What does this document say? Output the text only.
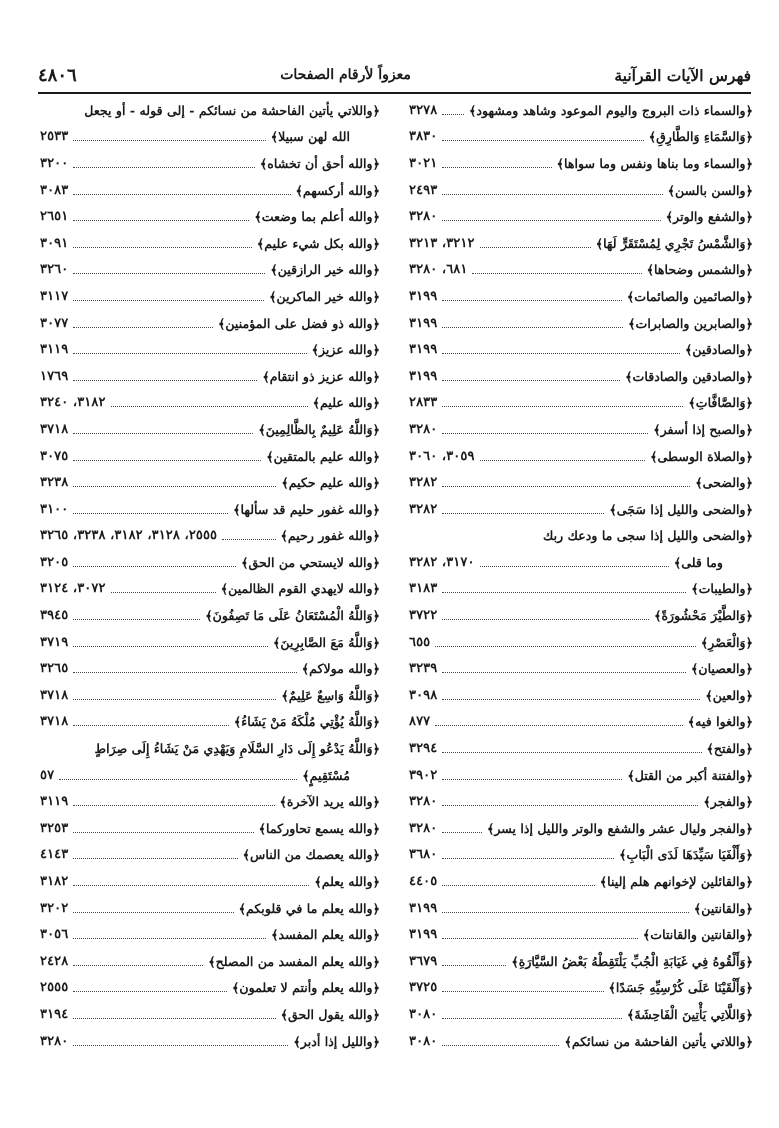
فهرس الآيات القرآنية
معزواً لأرقام الصفحات
٤٨٠٦
﴿والسماء ذات البروج واليوم الموعود وشاهد ومشهود﴾
٣٢٧٨
﴿وَالسَّمَاءِ وَالطَّارِقِ﴾
٣٨٣٠
﴿والسماء وما بناها ونفس وما سواها﴾
٣٠٢١
﴿والسن بالسن﴾
٢٤٩٣
﴿والشفع والوتر﴾
٣٢٨٠
﴿وَالشَّمْسُ تَجْرِي لِمُسْتَقَرٍّ لَهَا﴾
٣٢١٢، ٣٢١٣
﴿والشمس وضحاها﴾
٦٨١، ٣٢٨٠
﴿والصائمين والصائمات﴾
٣١٩٩
﴿والصابرين والصابرات﴾
٣١٩٩
﴿والصادقين﴾
٣١٩٩
﴿والصادقين والصادقات﴾
٣١٩٩
﴿وَالصَّافَّاتِ﴾
٢٨٣٣
﴿والصبح إذا أسفر﴾
٣٢٨٠
﴿والصلاة الوسطى﴾
٣٠٥٩، ٣٠٦٠
﴿والضحى﴾
٣٢٨٢
﴿والضحى والليل إذا سَجَى﴾
٣٢٨٢
﴿والضحى والليل إذا سجى ما ودعك ربك
وما قلى﴾
٣١٧٠، ٣٢٨٢
﴿والطيبات﴾
٣١٨٣
﴿وَالطَّيْرَ مَحْشُورَةً﴾
٣٧٢٢
﴿وَالْعَصْرِ﴾
٦٥٥
﴿والعصيان﴾
٣٢٣٩
﴿والعين﴾
٣٠٩٨
﴿والغوا فيه﴾
٨٧٧
﴿والفتح﴾
٣٢٩٤
﴿والفتنة أكبر من القتل﴾
٣٩٠٢
﴿والفجر﴾
٣٢٨٠
﴿والفجر وليال عشر والشفع والوتر والليل إذا يسر﴾
٣٢٨٠
﴿وَأَلْفَيَا سَيِّدَهَا لَدَى الْبَابِ﴾
٣٦٨٠
﴿والقائلين لإخوانهم هلم إلينا﴾
٤٤٠٥
﴿والقانتين﴾
٣١٩٩
﴿والقانتين والقانتات﴾
٣١٩٩
﴿وَأَلْقُوهُ فِي غَيَابَةِ الْجُبِّ يَلْتَقِطْهُ بَعْضُ السَّيَّارَةِ﴾
٣٦٧٩
﴿وَأَلْقَيْنَا عَلَى كُرْسِيِّهِ جَسَدًا﴾
٣٧٢٥
﴿وَاللَّاتِي يَأْتِينَ الْفَاحِشَةَ﴾
٣٠٨٠
﴿واللاتي يأتين الفاحشة من نسائكم﴾
٣٠٨٠
﴿واللاتي يأتين الفاحشة من نسائكم - إلى قوله - أو يجعل
الله لهن سبيلا﴾
٢٥٣٣
﴿والله أحق أن تخشاه﴾
٣٢٠٠
﴿والله أركسهم﴾
٣٠٨٣
﴿والله أعلم بما وضعت﴾
٢٦٥١
﴿والله بكل شيء عليم﴾
٣٠٩١
﴿والله خير الرازقين﴾
٣٢٦٠
﴿والله خير الماكرين﴾
٣١١٧
﴿والله ذو فضل على المؤمنين﴾
٣٠٧٧
﴿والله عزيز﴾
٣١١٩
﴿والله عزيز ذو انتقام﴾
١٧٦٩
﴿والله عليم﴾
٣١٨٢، ٣٢٤٠
﴿وَاللَّهُ عَلِيمٌ بِالظَّالِمِينَ﴾
٣٧١٨
﴿والله عليم بالمتقين﴾
٣٠٧٥
﴿والله عليم حكيم﴾
٣٢٣٨
﴿والله غفور حليم قد سألها﴾
٣١٠٠
﴿والله غفور رحيم﴾
٢٥٥٥، ٣١٢٨، ٣١٨٢، ٣٢٣٨، ٣٢٦٥
﴿والله لايستحي من الحق﴾
٣٢٠٥
﴿والله لايهدي القوم الظالمين﴾
٣٠٧٢، ٣١٢٤
﴿وَاللَّهُ الْمُسْتَعَانُ عَلَى مَا تَصِفُونَ﴾
٣٩٤٥
﴿وَاللَّهُ مَعَ الصَّابِرِينَ﴾
٣٧١٩
﴿والله مولاكم﴾
٣٢٦٥
﴿وَاللَّهُ وَاسِعٌ عَلِيمٌ﴾
٣٧١٨
﴿وَاللَّهُ يُؤْتِي مُلْكَهُ مَنْ يَشَاءُ﴾
٣٧١٨
﴿وَاللَّهُ يَدْعُو إِلَى دَارِ السَّلَامِ وَيَهْدِي مَنْ يَشَاءُ إِلَى صِرَاطٍ
مُسْتَقِيمٍ﴾
٥٧
﴿والله يريد الآخرة﴾
٣١١٩
﴿والله يسمع تحاوركما﴾
٣٢٥٣
﴿والله يعصمك من الناس﴾
٤١٤٣
﴿والله يعلم﴾
٣١٨٢
﴿والله يعلم ما في قلوبكم﴾
٣٢٠٢
﴿والله يعلم المفسد﴾
٣٠٥٦
﴿والله يعلم المفسد من المصلح﴾
٢٤٢٨
﴿والله يعلم وأنتم لا تعلمون﴾
٢٥٥٥
﴿والله يقول الحق﴾
٣١٩٤
﴿والليل إذا أدبر﴾
٣٢٨٠
